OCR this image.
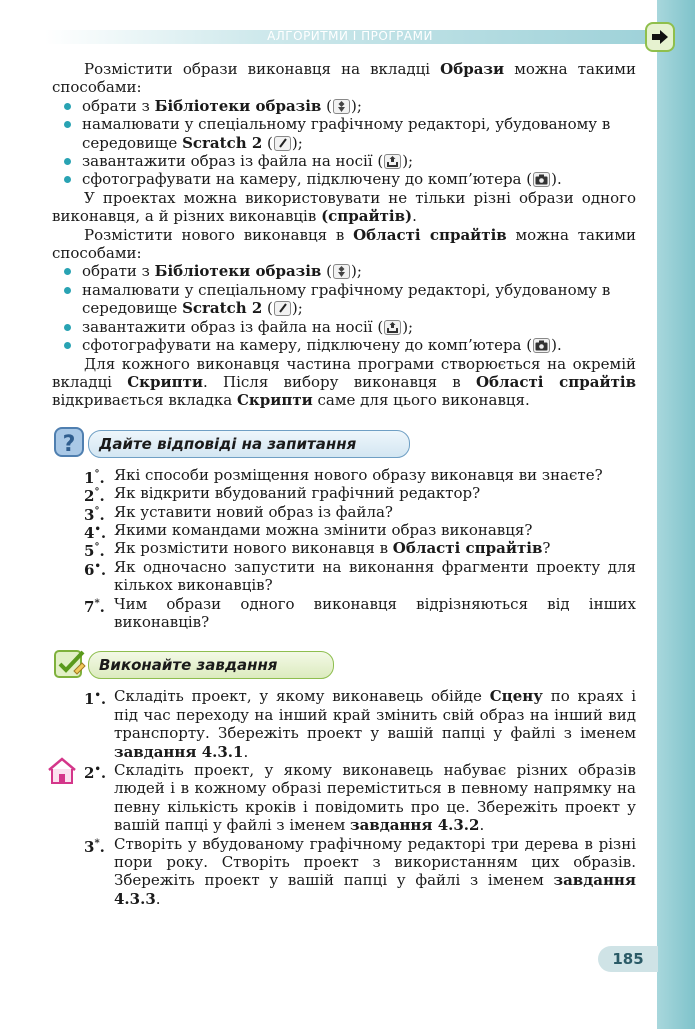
АЛГОРИТМИ І ПРОГРАМИ

Розмістити образи виконавця на вкладці Образи можна такими способами:

обрати з Бібліотеки образів ( );
намалювати у спеціальному графічному редакторі, убудованому в середовище Scratch 2 ( );
завантажити образ із файла на носії ( );
сфотографувати на камеру, підключену до комп’ютера ( ).

У проектах можна використовувати не тільки різні образи одного виконавця, а й різних виконавців (спрайтів).

Розмістити нового виконавця в Області спрайтів можна такими способами:

обрати з Бібліотеки образів ( );
намалювати у спеціальному графічному редакторі, убудованому в середовище Scratch 2 ( );
завантажити образ із файла на носії ( );
сфотографувати на камеру, підключену до комп’ютера ( ).

Для кожного виконавця частина програми створюється на окремій вкладці Скрипти. Після вибору виконавця в Області спрайтів відкривається вкладка Скрипти саме для цього виконавця.

Дайте відповіді на запитання
?
1°. Які способи розміщення нового образу виконавця ви знаєте?
2°. Як відкрити вбудований графічний редактор?
3°. Як уставити новий образ із файла?
4•. Якими командами можна змінити образ виконавця?
5°. Як розмістити нового виконавця в Області спрайтів?
6•. Як одночасно запустити на виконання фрагменти проекту для кількох виконавців?
7*. Чим образи одного виконавця відрізняються від інших виконавців?
Виконайте завдання
1•. Складіть проект, у якому виконавець обійде Сцену по краях і під час переходу на інший край змінить свій образ на інший вид транспорту. Збережіть проект у вашій папці у файлі з іменем завдання 4.3.1.
2•. Складіть проект, у якому виконавець набуває різних образів людей і в кожному образі переміститься в певному напрямку на певну кількість кроків і повідомить про це. Збережіть проект у вашій папці у файлі з іменем завдання 4.3.2.
3*. Створіть у вбудованому графічному редакторі три дерева в різні пори року. Створіть проект з використанням цих образів. Збережіть проект у вашій папці у файлі з іменем завдання 4.3.3.
185
